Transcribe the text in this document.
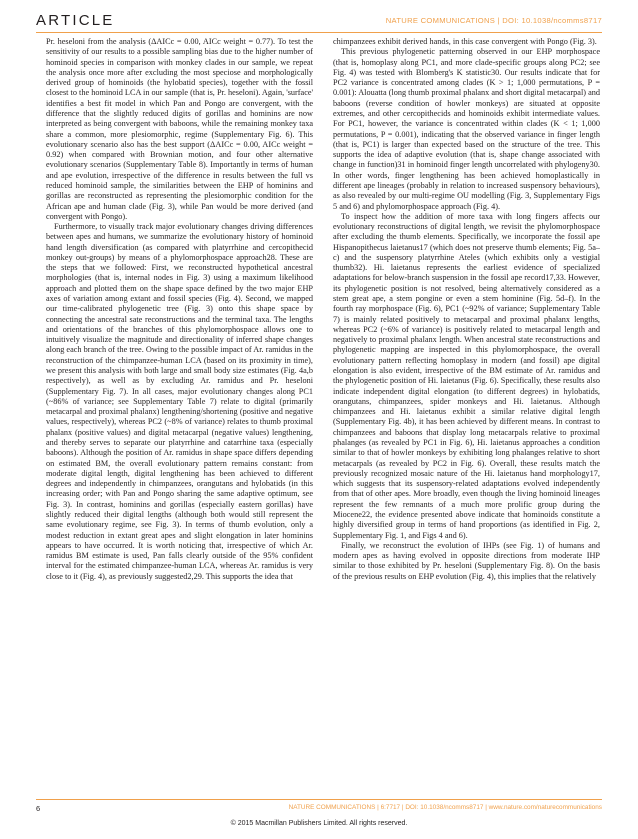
ARTICLE	NATURE COMMUNICATIONS | DOI: 10.1038/ncomms8717

Pr. heseloni from the analysis (ΔAICc = 0.00, AICc weight = 0.77). To test the sensitivity of our results to a possible sampling bias due to the higher number of hominoid species in comparison with monkey clades in our sample, we repeat the analysis once more after excluding the most speciose and morphologically derived group of hominoids (the hylobatid species), together with the fossil closest to the hominoid LCA in our sample (that is, Pr. heseloni). Again, 'surface' identifies a best fit model in which Pan and Pongo are convergent, with the difference that the slightly reduced digits of gorillas and hominins are now interpreted as being convergent with baboons, while the remaining monkey taxa share a common, more plesiomorphic, regime (Supplementary Fig. 6). This evolutionary scenario also has the best support (ΔAICc = 0.00, AICc weight = 0.92) when compared with Brownian motion, and four other alternative evolutionary scenarios (Supplementary Table 8). Importantly in terms of human and ape evolution, irrespective of the difference in results between the full vs reduced hominoid sample, the similarities between the EHP of hominins and gorillas are reconstructed as representing the plesiomorphic condition for the African ape and human clade (Fig. 3), while Pan would be more derived (and convergent with Pongo).

Furthermore, to visually track major evolutionary changes driving differences between apes and humans, we summarize the evolutionary history of hominoid hand length diversification (as compared with platyrrhine and cercopithecid monkey out-groups) by means of a phylomorphospace approach28. These are the steps that we followed: First, we reconstructed hypothetical ancestral morphologies (that is, internal nodes in Fig. 3) using a maximum likelihood approach and plotted them on the shape space defined by the two major EHP axes of variation among extant and fossil species (Fig. 4). Second, we mapped our time-calibrated phylogenetic tree (Fig. 3) onto this shape space by connecting the ancestral sate reconstructions and the terminal taxa. The lengths and orientations of the branches of this phylomorphospace allows one to intuitively visualize the magnitude and directionality of inferred shape changes along each branch of the tree. Owing to the possible impact of Ar. ramidus in the reconstruction of the chimpanzee-human LCA (based on its proximity in time), we present this analysis with both large and small body size estimates (Fig. 4a,b respectively), as well as by excluding Ar. ramidus and Pr. heseloni (Supplementary Fig. 7). In all cases, major evolutionary changes along PC1 (~86% of variance; see Supplementary Table 7) relate to digital (primarily metacarpal and proximal phalanx) lengthening/shortening (positive and negative values, respectively), whereas PC2 (~8% of variance) relates to thumb proximal phalanx (positive values) and digital metacarpal (negative values) lengthening, and thereby serves to separate our platyrrhine and catarrhine taxa (especially baboons). Although the position of Ar. ramidus in shape space differs depending on estimated BM, the overall evolutionary pattern remains constant: from moderate digital length, digital lengthening has been achieved to different degrees and independently in chimpanzees, orangutans and hylobatids (in this increasing order; with Pan and Pongo sharing the same adaptive optimum, see Fig. 3). In contrast, hominins and gorillas (especially eastern gorillas) have slightly reduced their digital lengths (although both would still represent the same evolutionary regime, see Fig. 3). In terms of thumb evolution, only a modest reduction in extant great apes and slight elongation in later hominins appears to have occurred. It is worth noticing that, irrespective of which Ar. ramidus BM estimate is used, Pan falls clearly outside of the 95% confident interval for the estimated chimpanzee-human LCA, whereas Ar. ramidus is very close to it (Fig. 4), as previously suggested2,29. This supports the idea that

chimpanzees exhibit derived hands, in this case convergent with Pongo (Fig. 3).

This previous phylogenetic patterning observed in our EHP morphospace (that is, homoplasy along PC1, and more clade-specific groups along PC2; see Fig. 4) was tested with Blomberg's K statistic30. Our results indicate that for PC2 variance is concentrated among clades (K > 1; 1,000 permutations, P = 0.001): Alouatta (long thumb proximal phalanx and short digital metacarpal) and baboons (reverse condition of howler monkeys) are situated at opposite extremes, and other cercopithecids and hominoids exhibit intermediate values. For PC1, however, the variance is concentrated within clades (K < 1; 1,000 permutations, P = 0.001), indicating that the observed variance in finger length (that is, PC1) is larger than expected based on the structure of the tree. This supports the idea of adaptive evolution (that is, shape change associated with change in function)31 in hominoid finger length uncorrelated with phylogeny30. In other words, finger lengthening has been achieved homoplastically in different ape lineages (probably in relation to increased suspensory behaviours), as also revealed by our multi-regime OU modelling (Fig. 3, Supplementary Figs 5 and 6) and phylomorphospace approach (Fig. 4).

To inspect how the addition of more taxa with long fingers affects our evolutionary reconstructions of digital length, we revisit the phylomorphospace after excluding the thumb elements. Specifically, we incorporate the fossil ape Hispanopithecus laietanus17 (which does not preserve thumb elements; Fig. 5a–c) and the suspensory platyrrhine Ateles (which exhibits only a vestigial thumb32). Hi. laietanus represents the earliest evidence of specialized adaptations for below-branch suspension in the fossil ape record17,33. However, its phylogenetic position is not resolved, being alternatively considered as a stem great ape, a stem pongine or even a stem hominine (Fig. 5d–f). In the fourth ray morphospace (Fig. 6), PC1 (~92% of variance; Supplementary Table 7) is mainly related positively to metacarpal and proximal phalanx lengths, whereas PC2 (~6% of variance) is positively related to metacarpal length and negatively to proximal phalanx length. When ancestral state reconstructions and phylogenetic mapping are inspected in this phylomorphospace, the overall evolutionary pattern reflecting homoplasy in modern (and fossil) ape digital elongation is also evident, irrespective of the BM estimate of Ar. ramidus and the phylogenetic position of Hi. laietanus (Fig. 6). Specifically, these results also indicate independent digital elongation (to different degrees) in hylobatids, orangutans, chimpanzees, spider monkeys and Hi. laietanus. Although chimpanzees and Hi. laietanus exhibit a similar relative digital length (Supplementary Fig. 4b), it has been achieved by different means. In contrast to chimpanzees and baboons that display long metacarpals relative to proximal phalanges (as revealed by PC1 in Fig. 6), Hi. laietanus approaches a condition similar to that of howler monkeys by exhibiting long phalanges relative to short metacarpals (as revealed by PC2 in Fig. 6). Overall, these results match the previously recognized mosaic nature of the Hi. laietanus hand morphology17, which suggests that its suspensory-related adaptations evolved independently from that of other apes. More broadly, even though the living hominoid lineages represent the few remnants of a much more prolific group during the Miocene22, the evidence presented above indicate that hominoids constitute a highly diversified group in terms of hand proportions (as identified in Fig. 2, Supplementary Fig. 1, and Figs 4 and 6).

Finally, we reconstruct the evolution of IHPs (see Fig. 1) of humans and modern apes as having evolved in opposite directions from moderate IHP similar to those exhibited by Pr. heseloni (Supplementary Fig. 8). On the basis of the previous results on EHP evolution (Fig. 4), this implies that the relatively

6	NATURE COMMUNICATIONS | 6:7717 | DOI: 10.1038/ncomms8717 | www.nature.com/naturecommunications
© 2015 Macmillan Publishers Limited. All rights reserved.
